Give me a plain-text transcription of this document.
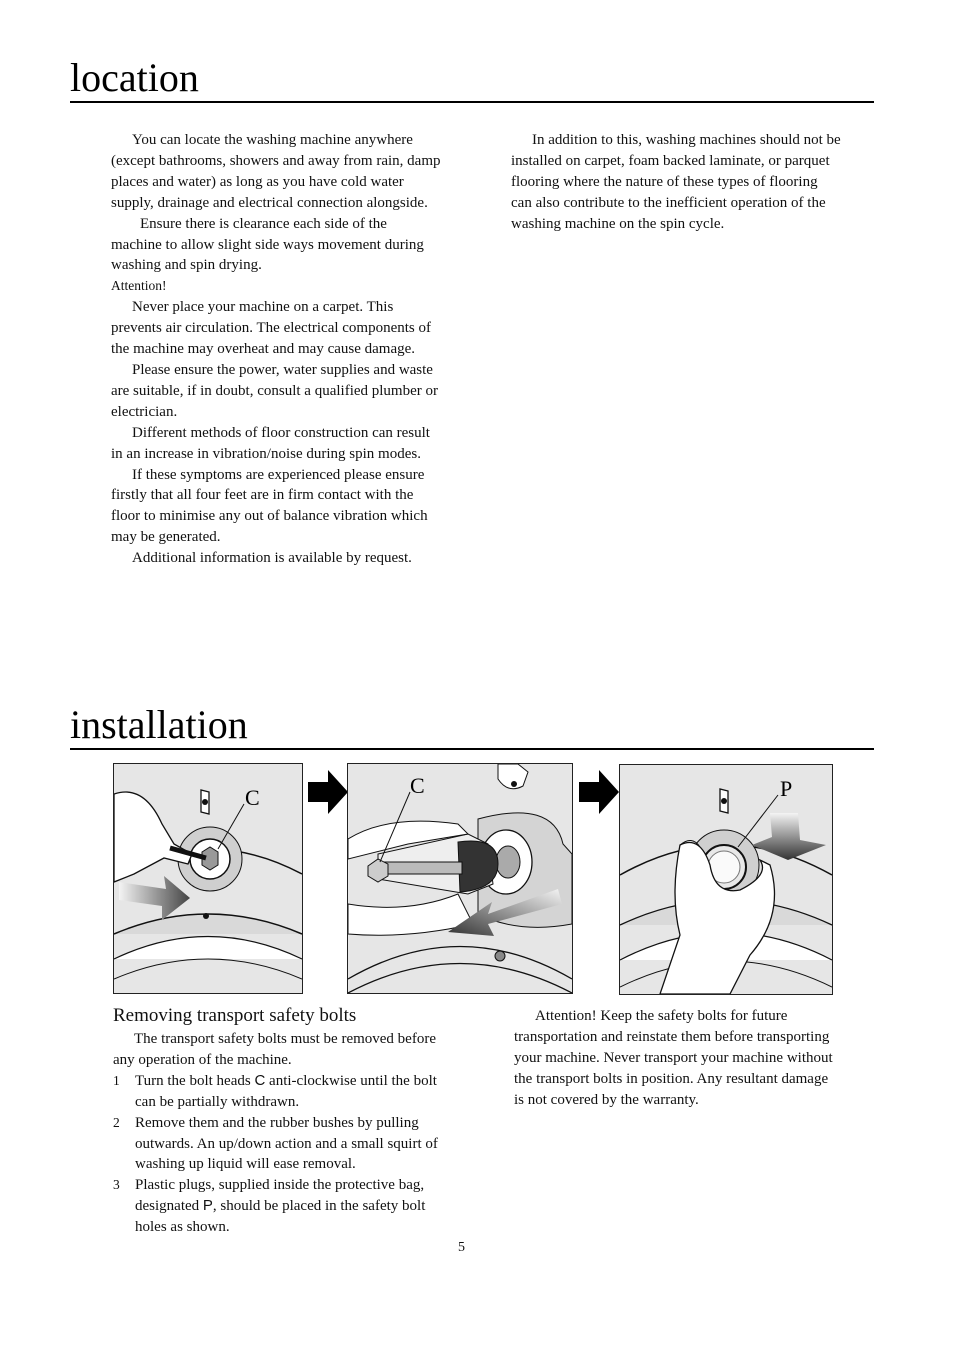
location

You can locate the washing machine anywhere (except bathrooms, showers and away from rain, damp places and water) as long as you have cold water supply, drainage and electrical connection alongside.

Ensure there is clearance each side of the machine to allow slight side ways movement during washing and spin drying.

Attention!

Never place your machine on a carpet. This prevents air circulation. The electrical components of the machine may overheat and may cause damage.

Please ensure the power, water supplies and waste are suitable, if in doubt, consult a qualified plumber or electrician.

Different methods of floor construction can result in an increase in vibration/noise during spin modes.

If these symptoms are experienced please ensure firstly that all four feet are in firm contact with the floor to minimise any out of balance vibration which may be generated.

Additional information is available by request.

In addition to this, washing machines should not be installed on carpet, foam backed laminate, or parquet flooring where the nature of these types of flooring can also contribute to the inefficient operation of the washing machine on the spin cycle.

installation
C	C	P

Removing transport safety bolts

The transport safety bolts must be removed before any operation of the machine.

1 Turn the bolt heads C anti-clockwise until the bolt can be partially withdrawn.

2 Remove them and the rubber bushes by pulling outwards. An up/down action and a small squirt of washing up liquid will ease removal.

3 Plastic plugs, supplied inside the protective bag, designated P, should be placed in the safety bolt holes as shown.

Attention! Keep the safety bolts for future transportation and reinstate them before transporting your machine. Never transport your machine without the transport bolts in position. Any resultant damage is not covered by the warranty.

5
